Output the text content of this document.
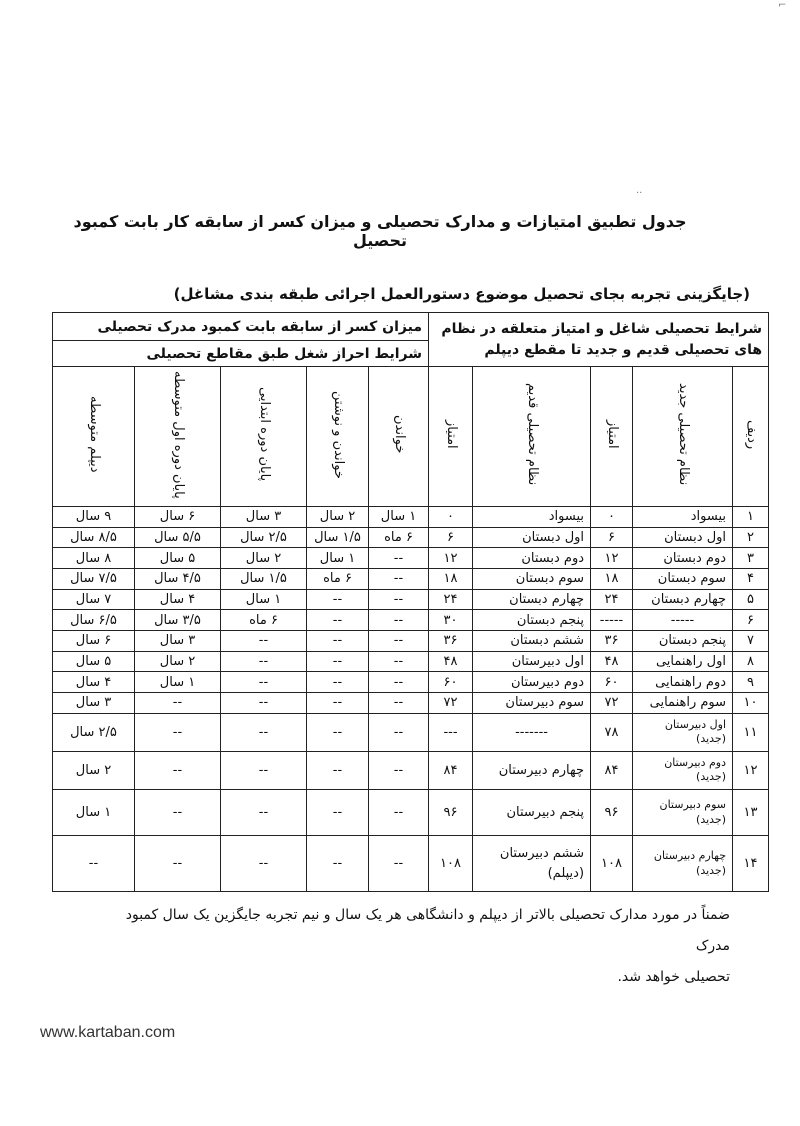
⌐
··
جدول تطبیق امتیازات و مدارک تحصیلی و میزان کسر از سابقه کار بابت کمبود تحصیل
(جایگزینی تجربه بجای تحصیل موضوع دستورالعمل اجرائی طبقه بندی مشاغل)
شرایط تحصیلی شاغل و امتیاز متعلقه در نظام های تحصیلی قدیم و جدید تا مقطع دیپلم					میزان کسر از سابقه بابت کمبود مدرک تحصیلی				
					شرایط احراز شغل طبق مقاطع تحصیلی				
ردیف	نظام تحصیلی جدید	امتیاز	نظام تحصیلی قدیم	امتیاز	خواندن	خواندن و نوشتن	پایان دوره ابتدایی	پایان دوره اول متوسطه	دیپلم متوسطه
۱	بیسواد	۰	بیسواد	۰	۱ سال	۲ سال	۳ سال	۶ سال	۹ سال
۲	اول دبستان	۶	اول دبستان	۶	۶ ماه	۱/۵ سال	۲/۵ سال	۵/۵ سال	۸/۵ سال
۳	دوم دبستان	۱۲	دوم دبستان	۱۲	--	۱ سال	۲ سال	۵ سال	۸ سال
۴	سوم دبستان	۱۸	سوم دبستان	۱۸	--	۶ ماه	۱/۵ سال	۴/۵ سال	۷/۵ سال
۵	چهارم دبستان	۲۴	چهارم دبستان	۲۴	--	--	۱ سال	۴ سال	۷ سال
۶	-----	-----	پنجم دبستان	۳۰	--	--	۶ ماه	۳/۵ سال	۶/۵ سال
۷	پنجم دبستان	۳۶	ششم دبستان	۳۶	--	--	--	۳ سال	۶ سال
۸	اول راهنمایی	۴۸	اول دبیرستان	۴۸	--	--	--	۲ سال	۵ سال
۹	دوم راهنمایی	۶۰	دوم دبیرستان	۶۰	--	--	--	۱ سال	۴ سال
۱۰	سوم راهنمایی	۷۲	سوم دبیرستان	۷۲	--	--	--	--	۳ سال
۱۱	اول دبیرستان (جدید)	۷۸	-------	---	--	--	--	--	۲/۵ سال
۱۲	دوم دبیرستان (جدید)	۸۴	چهارم دبیرستان	۸۴	--	--	--	--	۲ سال
۱۳	سوم دبیرستان (جدید)	۹۶	پنجم دبیرستان	۹۶	--	--	--	--	۱ سال
۱۴	چهارم دبیرستان (جدید)	۱۰۸	ششم دبیرستان (دیپلم)	۱۰۸	--	--	--	--	--

ضمناً در مورد مدارک تحصیلی بالاتر از دیپلم و دانشگاهی هر یک سال و نیم تجربه جایگزین یک سال کمبود مدرک

تحصیلی خواهد شد.

www.kartaban.com
